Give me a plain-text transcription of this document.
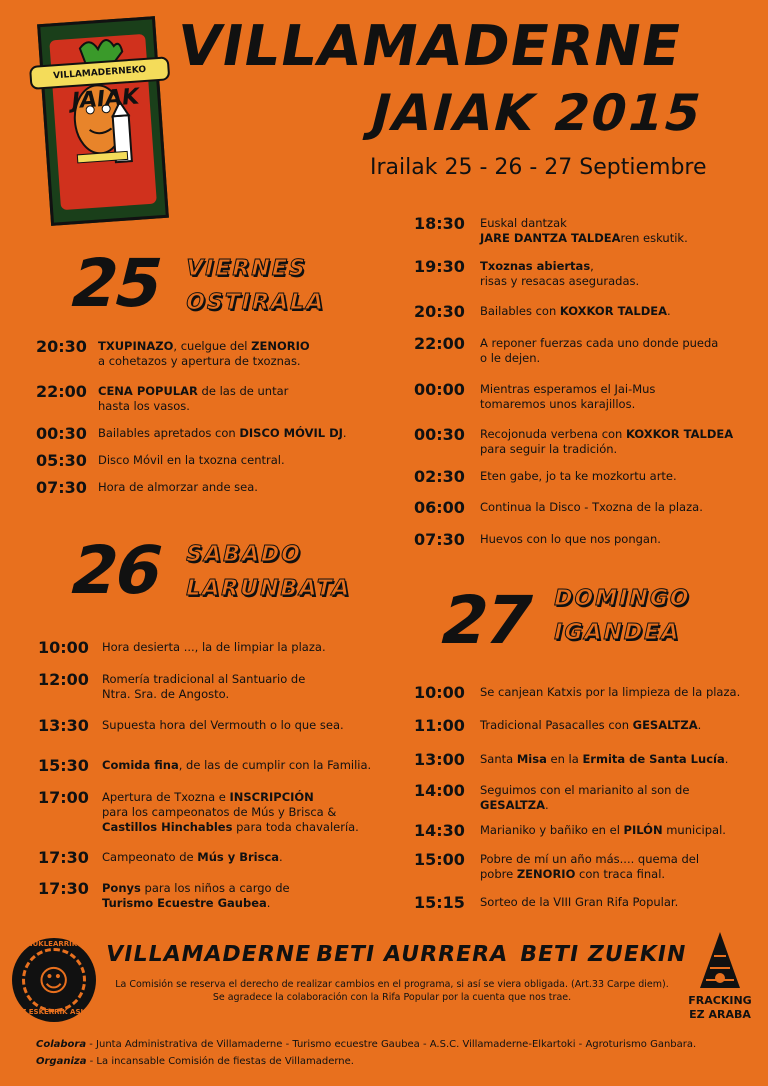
VILLAMADERNEKO
JAIAK
VILLAMADERNE
JAIAK 2015
Irailak 25 - 26 - 27 Septiembre
25 VIERNES
OSTIRALA
20:30 TXUPINAZO, cuelgue del ZENORIO
a cohetazos y apertura de txoznas.
22:00 CENA POPULAR de las de untar
hasta los vasos.
00:30 Bailables apretados con DISCO MÓVIL DJ.
05:30 Disco Móvil en la txozna central.
07:30 Hora de almorzar ande sea.
26 SABADO
LARUNBATA
10:00	Hora desierta ..., la de limpiar la plaza.
12:00	Romería tradicional al Santuario de
Ntra. Sra. de Angosto.
13:30	Supuesta hora del Vermouth o lo que sea.
15:30	Comida fina, de las de cumplir con la Familia.
17:00	Apertura de Txozna e INSCRIPCIÓN
para los campeonatos de Mús y Brisca &
Castillos Hinchables para toda chavalería.
17:30	Campeonato de Mús y Brisca.
17:30	Ponys para los niños a cargo de
Turismo Ecuestre Gaubea.
18:30	Euskal dantzak
JARE DANTZA TALDEAren eskutik.
19:30	Txoznas abiertas,
risas y resacas aseguradas.
20:30	Bailables con KOXKOR TALDEA.
22:00	A reponer fuerzas cada uno donde pueda
o le dejen.
00:00	Mientras esperamos el Jai-Mus
tomaremos unos karajillos.
00:30	Recojonuda verbena con KOXKOR TALDEA
para seguir la tradición.
02:30	Eten gabe, jo ta ke mozkortu arte.
06:00	Continua la Disco - Txozna de la plaza.
07:30	Huevos con lo que nos pongan.
27 DOMINGO
IGANDEA
10:00	Se canjean Katxis por la limpieza de la plaza.
11:00	Tradicional Pasacalles con GESALTZA.
13:00	Santa Misa en la Ermita de Santa Lucía.
14:00	Seguimos con el marianito al son de
GESALTZA.
14:30	Marianiko y bañiko en el PILÓN municipal.
15:00	Pobre de mí un año más.... quema del
pobre ZENORIO con traca final.
15:15	Sorteo de la VIII Gran Rifa Popular.
☺
NUKLEARRIK?
EZ ESKERRIK ASKO
VILLAMADERNE BETI AURRERA BETI ZUEKIN
La Comisión se reserva el derecho de realizar cambios en el programa, si así se viera obligada. (Art.33 Carpe diem).
Se agradece la colaboración con la Rifa Popular por la cuenta que nos trae.	FRACKING
EZ ARABA
Colabora - Junta Administrativa de Villamaderne - Turismo ecuestre Gaubea - A.S.C. Villamaderne-Elkartoki - Agroturismo Ganbara.
Organiza - La incansable Comisión de fiestas de Villamaderne.
